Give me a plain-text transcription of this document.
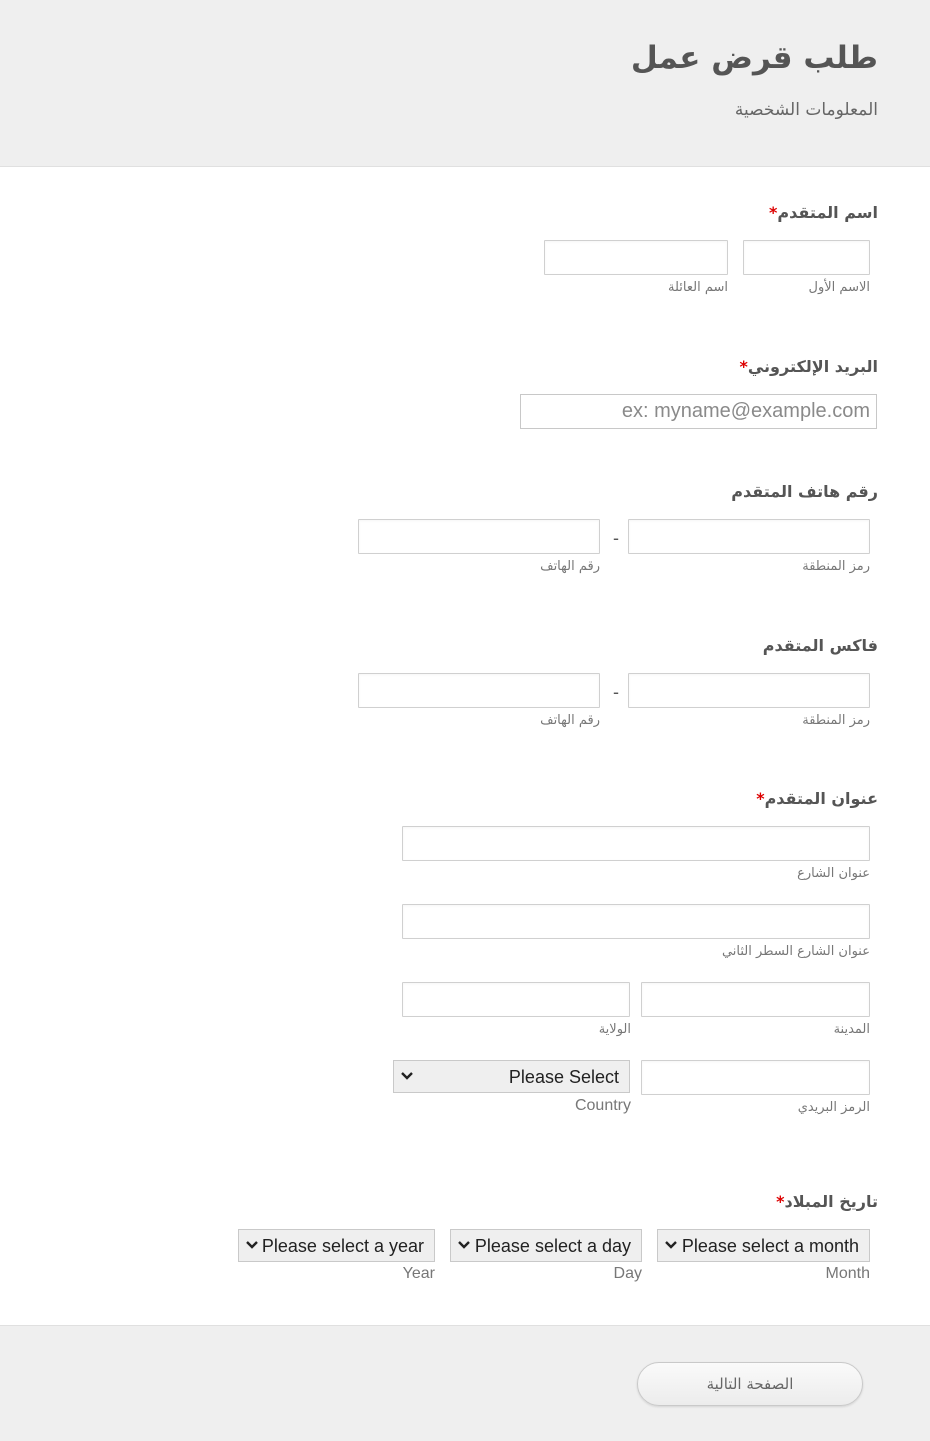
طلب قرض عمل
المعلومات الشخصية
اسم المتقدم*
الاسم الأول
اسم العائلة
البريد الإلكتروني*
ex: myname@example.com
رقم هاتف المتقدم
-
رمز المنطقة
رقم الهاتف
فاكس المتقدم
-
رمز المنطقة
رقم الهاتف
عنوان المتقدم*
عنوان الشارع
عنوان الشارع السطر الثاني
المدينة
الولاية
Please Select
الرمز البريدي
Country
تاريخ المبلاد*
Please select a month
Please select a day
Please select a year
Month
Day
Year
الصفحة التالية
